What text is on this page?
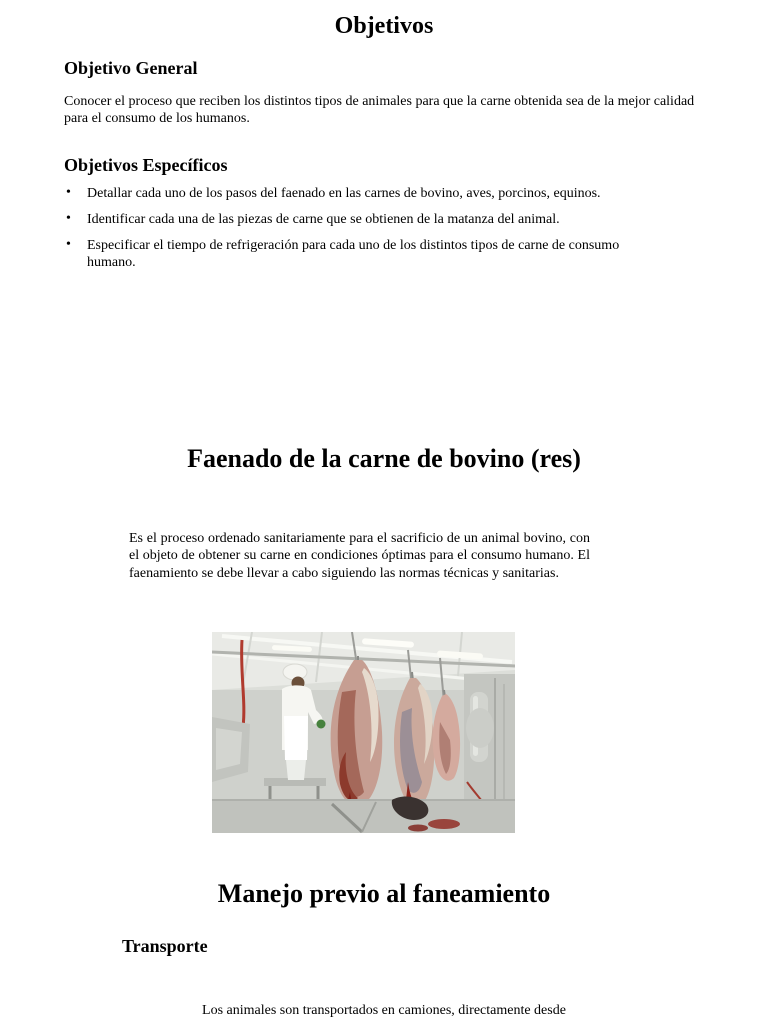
Objetivos
Objetivo General
Conocer el proceso que reciben los distintos tipos de animales para que la carne obtenida sea de la mejor calidad para el consumo de los humanos.
Objetivos Específicos
• Detallar cada uno de los pasos del faenado en las carnes de bovino, aves, porcinos, equinos.
• Identificar cada una de las piezas de carne que se obtienen de la matanza del animal.
• Especificar el tiempo de refrigeración para cada uno de los distintos tipos de carne de consumo humano.
Faenado de la carne de bovino (res)
Es el proceso ordenado sanitariamente para el sacrificio de un animal bovino, con el objeto de obtener su carne en condiciones óptimas para el consumo humano. El faenamiento se debe llevar a cabo siguiendo las normas técnicas y sanitarias.
Manejo previo al faneamiento
Transporte
Los animales son transportados en camiones, directamente desde
